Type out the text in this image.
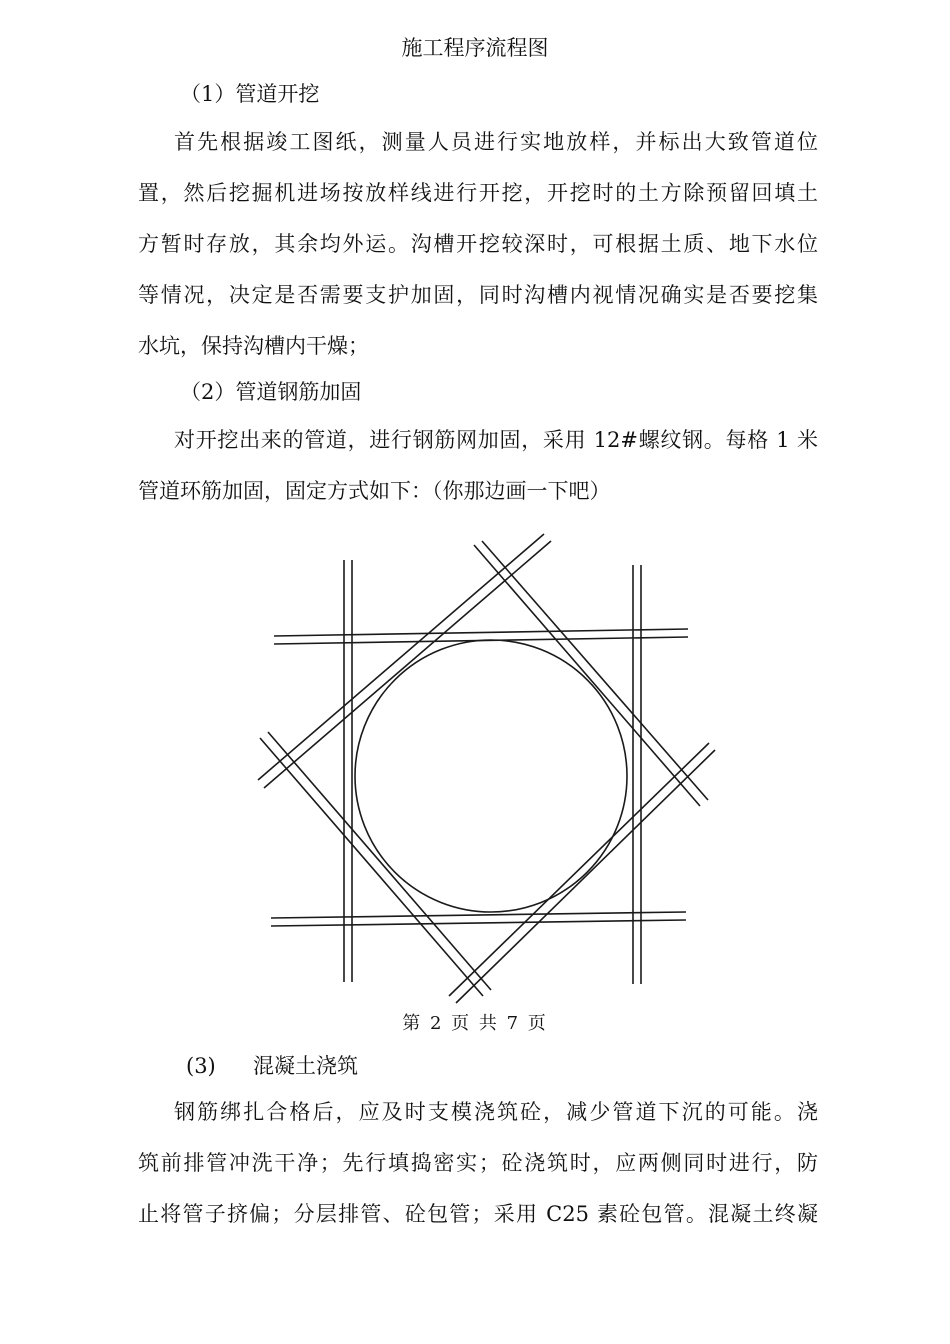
施工程序流程图
（1）管道开挖
首先根据竣工图纸，测量人员进行实地放样，并标出大致管道位
置，然后挖掘机进场按放样线进行开挖，开挖时的土方除预留回填土
方暂时存放，其余均外运。沟槽开挖较深时，可根据土质、地下水位
等情况，决定是否需要支护加固，同时沟槽内视情况确实是否要挖集
水坑，保持沟槽内干燥；
（2）管道钢筋加固
对开挖出来的管道，进行钢筋网加固，采用 12#螺纹钢。每格 1 米
管道环筋加固，固定方式如下：（你那边画一下吧）
第 2 页 共 7 页
(3) 混凝土浇筑
钢筋绑扎合格后，应及时支模浇筑砼，减少管道下沉的可能。浇
筑前排管冲洗干净；先行填捣密实；砼浇筑时，应两侧同时进行，防
止将管子挤偏；分层排管、砼包管；采用 C25 素砼包管。混凝土终凝
